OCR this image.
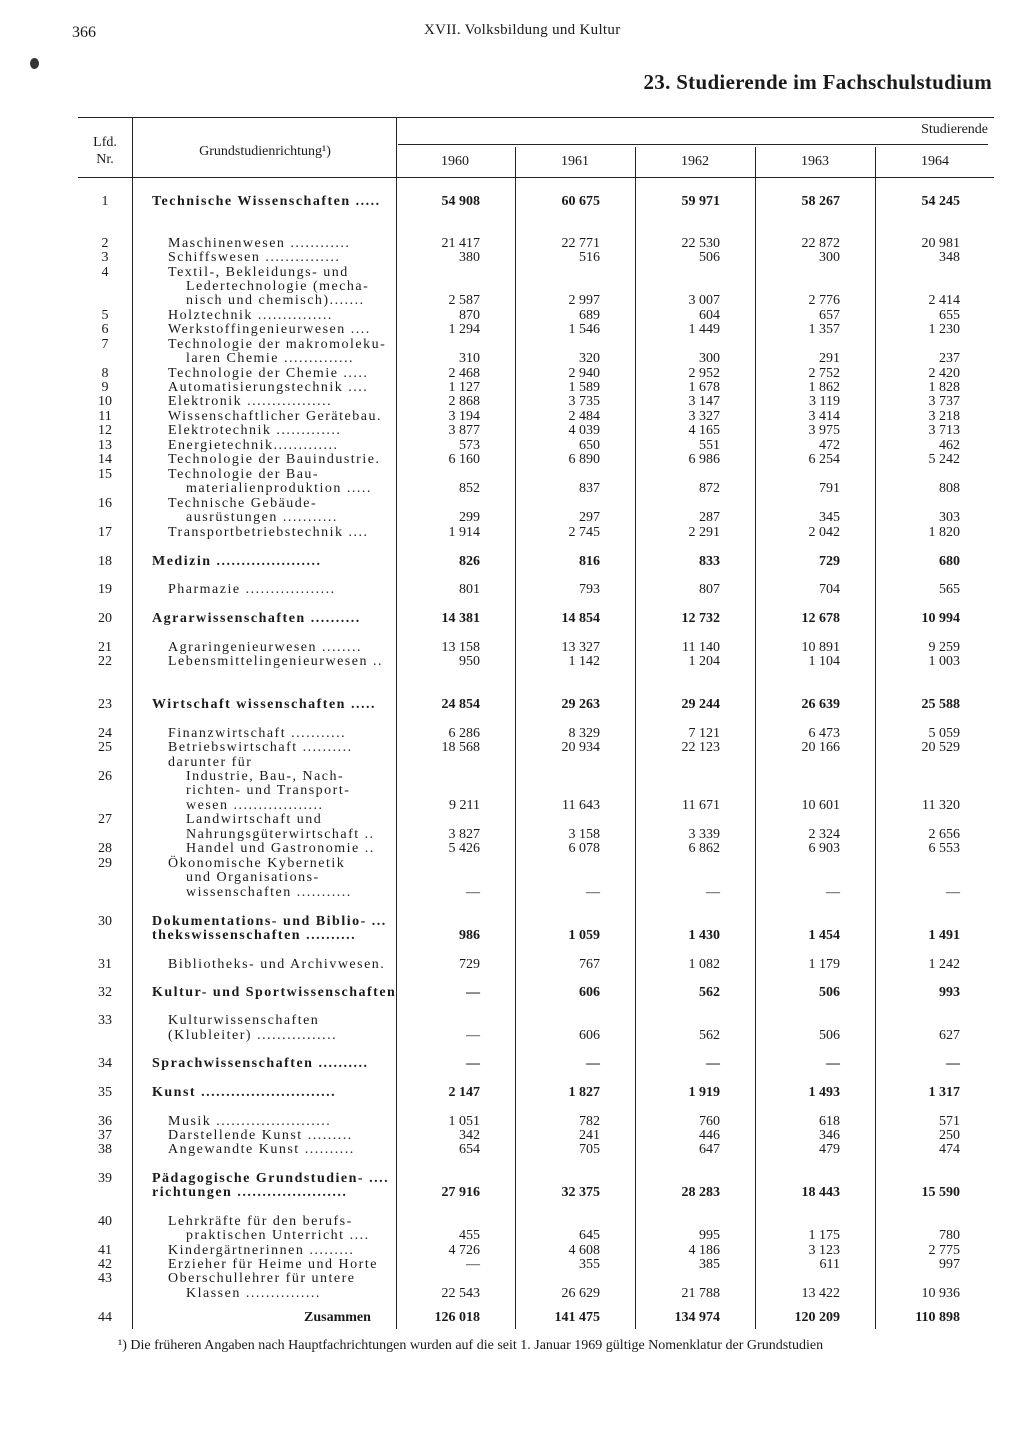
366	XVII. Volksbildung und Kultur
23. Studierende im Fachschulstudium
Lfd.
Nr.
Grundstudienrichtung¹)
Studierende
1960	1961	1962	1963	1964
1	Technische Wissenschaften .....	54 908	60 675	59 971	58 267	54 245
2	Maschinenwesen ............	21 417	22 771	22 530	22 872	20 981
3	Schiffswesen ...............	380	516	506	300	348
4	Textil-, Bekleidungs- und
Ledertechnologie (mecha-
nisch und chemisch).......	2 587	2 997	3 007	2 776	2 414
5	Holztechnik ...............	870	689	604	657	655
6	Werkstoffingenieurwesen ....	1 294	1 546	1 449	1 357	1 230
7	Technologie der makromoleku-
laren Chemie ..............	310	320	300	291	237
8	Technologie der Chemie .....	2 468	2 940	2 952	2 752	2 420
9	Automatisierungstechnik ....	1 127	1 589	1 678	1 862	1 828
10	Elektronik .................	2 868	3 735	3 147	3 119	3 737
11	Wissenschaftlicher Gerätebau.	3 194	2 484	3 327	3 414	3 218
12	Elektrotechnik .............	3 877	4 039	4 165	3 975	3 713
13	Energietechnik.............	573	650	551	472	462
14	Technologie der Bauindustrie.	6 160	6 890	6 986	6 254	5 242
15	Technologie der Bau-
materialienproduktion .....	852	837	872	791	808
16	Technische Gebäude-
ausrüstungen ...........	299	297	287	345	303
17	Transportbetriebstechnik ....	1 914	2 745	2 291	2 042	1 820
18	Medizin .....................	826	816	833	729	680
19	Pharmazie ..................	801	793	807	704	565
20	Agrarwissenschaften ..........	14 381	14 854	12 732	12 678	10 994
21	Agraringenieurwesen ........	13 158	13 327	11 140	10 891	9 259
22	Lebensmittelingenieurwesen ..	950	1 142	1 204	1 104	1 003
23	Wirtschaft wissenschaften .....	24 854	29 263	29 244	26 639	25 588
24	Finanzwirtschaft ...........	6 286	8 329	7 121	6 473	5 059
25	Betriebswirtschaft ..........	18 568	20 934	22 123	20 166	20 529
darunter für
26	Industrie, Bau-, Nach-
richten- und Transport-
wesen ..................	9 211	11 643	11 671	10 601	11 320
27	Landwirtschaft und
Nahrungsgüterwirtschaft ..	3 827	3 158	3 339	2 324	2 656
28	Handel und Gastronomie ..	5 426	6 078	6 862	6 903	6 553
29	Ökonomische Kybernetik
und Organisations-
wissenschaften ...........	—	—	—	—	—
30	Dokumentations- und Biblio- ...
thekswissenschaften ..........	986	1 059	1 430	1 454	1 491
31	Bibliotheks- und Archivwesen.	729	767	1 082	1 179	1 242
32	Kultur- und Sportwissenschaften	—	606	562	506	993
33	Kulturwissenschaften
(Klubleiter) ................	—	606	562	506	627
34	Sprachwissenschaften ..........	—	—	—	—	—
35	Kunst ...........................	2 147	1 827	1 919	1 493	1 317
36	Musik .......................	1 051	782	760	618	571
37	Darstellende Kunst .........	342	241	446	346	250
38	Angewandte Kunst ..........	654	705	647	479	474
39	Pädagogische Grundstudien- ....
richtungen ......................	27 916	32 375	28 283	18 443	15 590
40	Lehrkräfte für den berufs-
praktischen Unterricht ....	455	645	995	1 175	780
41	Kindergärtnerinnen .........	4 726	4 608	4 186	3 123	2 775
42	Erzieher für Heime und Horte	—	355	385	611	997
43	Oberschullehrer für untere
Klassen ...............	22 543	26 629	21 788	13 422	10 936
44	Zusammen	126 018	141 475	134 974	120 209	110 898
¹) Die früheren Angaben nach Hauptfachrichtungen wurden auf die seit 1. Januar 1969 gültige Nomenklatur der Grundstudien
